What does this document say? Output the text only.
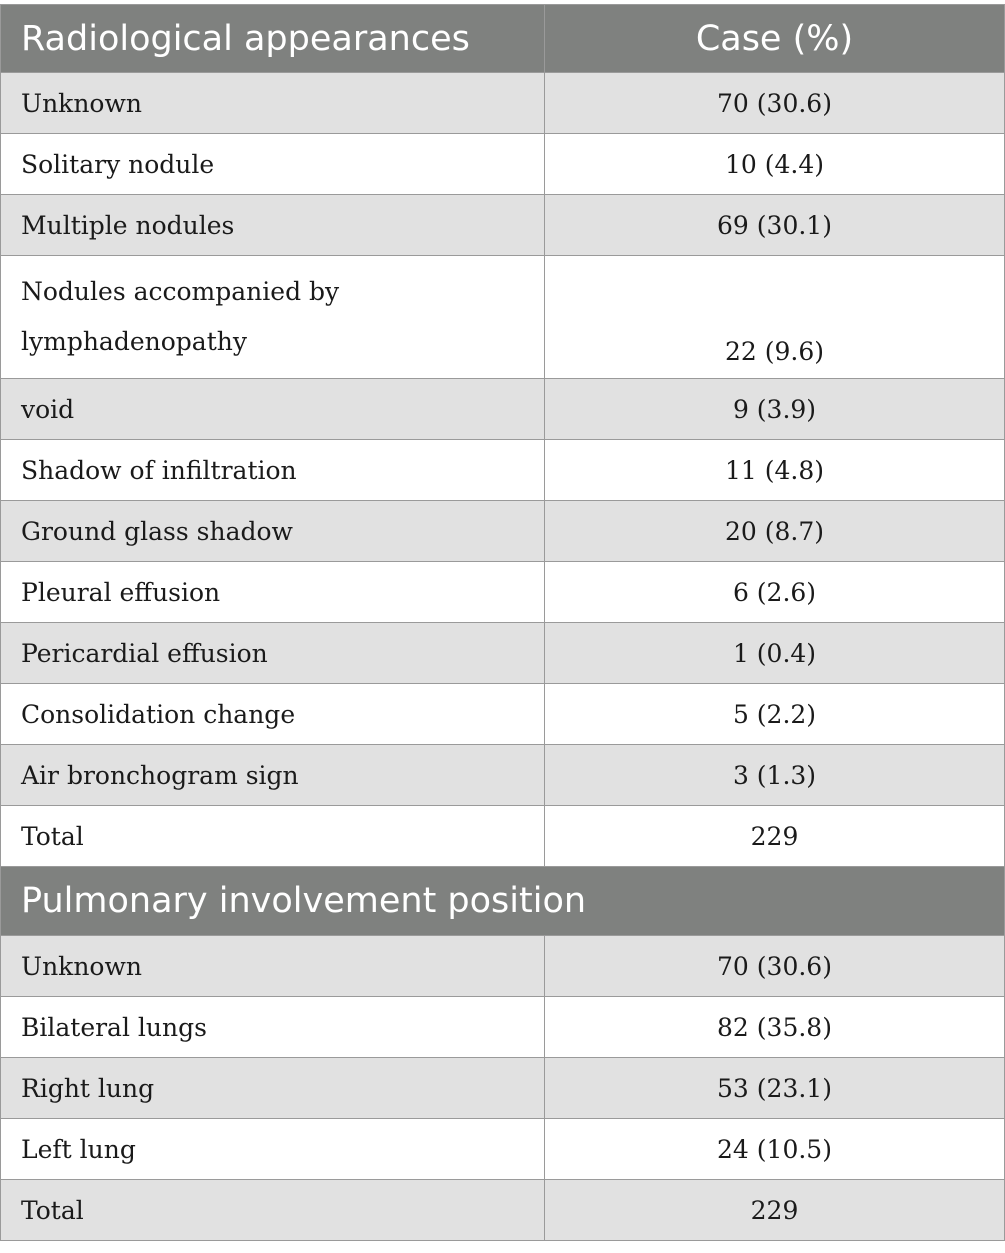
Radiological appearances	Case (%)
Unknown	70 (30.6)
Solitary nodule	10 (4.4)
Multiple nodules	69 (30.1)
Nodules accompanied by lymphadenopathy	22 (9.6)
void	9 (3.9)
Shadow of infiltration	11 (4.8)
Ground glass shadow	20 (8.7)
Pleural effusion	6 (2.6)
Pericardial effusion	1 (0.4)
Consolidation change	5 (2.2)
Air bronchogram sign	3 (1.3)
Total	229
Pulmonary involvement position	
Unknown	70 (30.6)
Bilateral lungs	82 (35.8)
Right lung	53 (23.1)
Left lung	24 (10.5)
Total	229
